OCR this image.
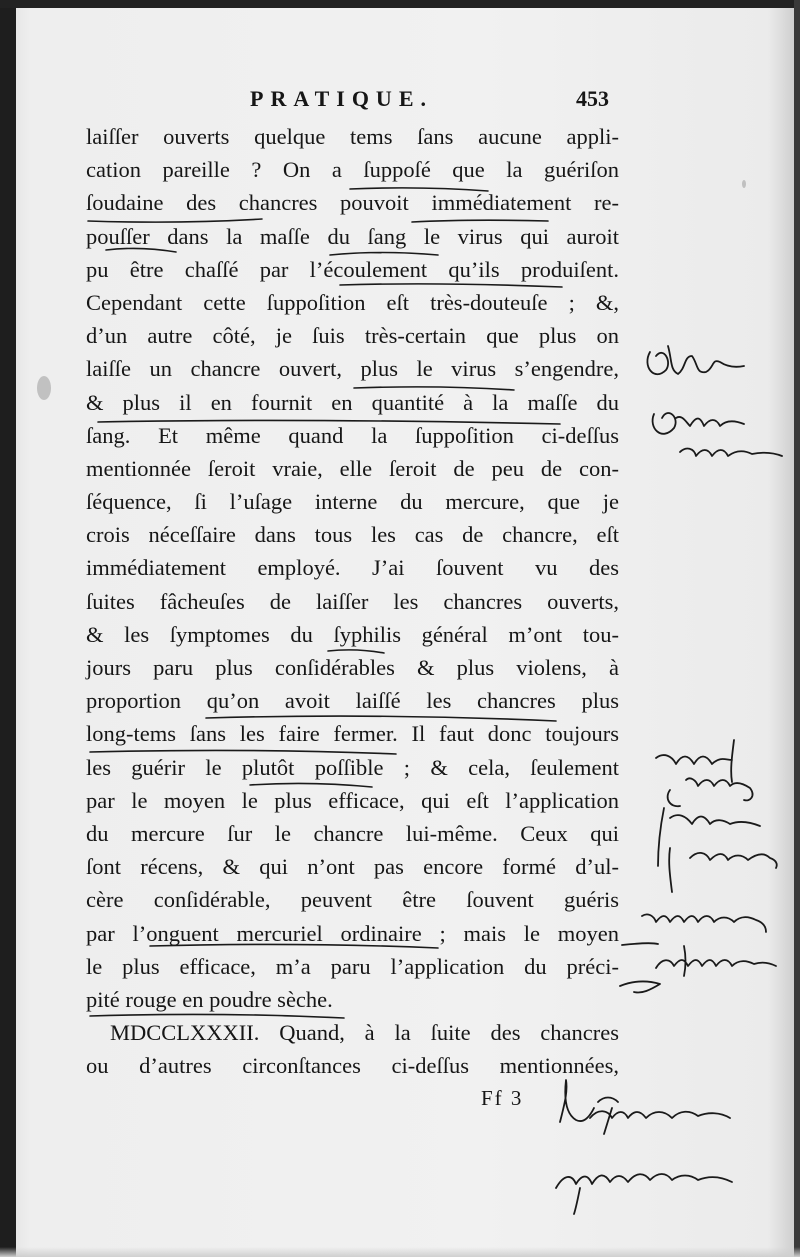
PRATIQUE.	453
laiſſer ouverts quelque tems ſans aucune appli-
cation pareille ? On a ſuppoſé que la guériſon
ſoudaine des chancres pouvoit immédiatement re-
pouſſer dans la maſſe du ſang le virus qui auroit
pu être chaſſé par l’écoulement qu’ils produiſent.
Cependant cette ſuppoſition eſt très-douteuſe ; &,
d’un autre côté, je ſuis très-certain que plus on
laiſſe un chancre ouvert, plus le virus s’engendre,
& plus il en fournit en quantité à la maſſe du
ſang. Et même quand la ſuppoſition ci-deſſus
mentionnée ſeroit vraie, elle ſeroit de peu de con-
ſéquence, ſi l’uſage interne du mercure, que je
crois néceſſaire dans tous les cas de chancre, eſt
immédiatement employé. J’ai ſouvent vu des
ſuites fâcheuſes de laiſſer les chancres ouverts,
& les ſymptomes du ſyphilis général m’ont tou-
jours paru plus conſidérables & plus violens, à
proportion qu’on avoit laiſſé les chancres plus
long-tems ſans les faire fermer. Il faut donc toujours
les guérir le plutôt poſſible ; & cela, ſeulement
par le moyen le plus efficace, qui eſt l’application
du mercure ſur le chancre lui-même. Ceux qui
ſont récens, & qui n’ont pas encore formé d’ul-
cère conſidérable, peuvent être ſouvent guéris
par l’onguent mercuriel ordinaire ; mais le moyen
le plus efficace, m’a paru l’application du préci-
pité rouge en poudre sèche.
MDCCLXXXII. Quand, à la ſuite des chancres
ou d’autres circonſtances ci-deſſus mentionnées,
Ff 3
